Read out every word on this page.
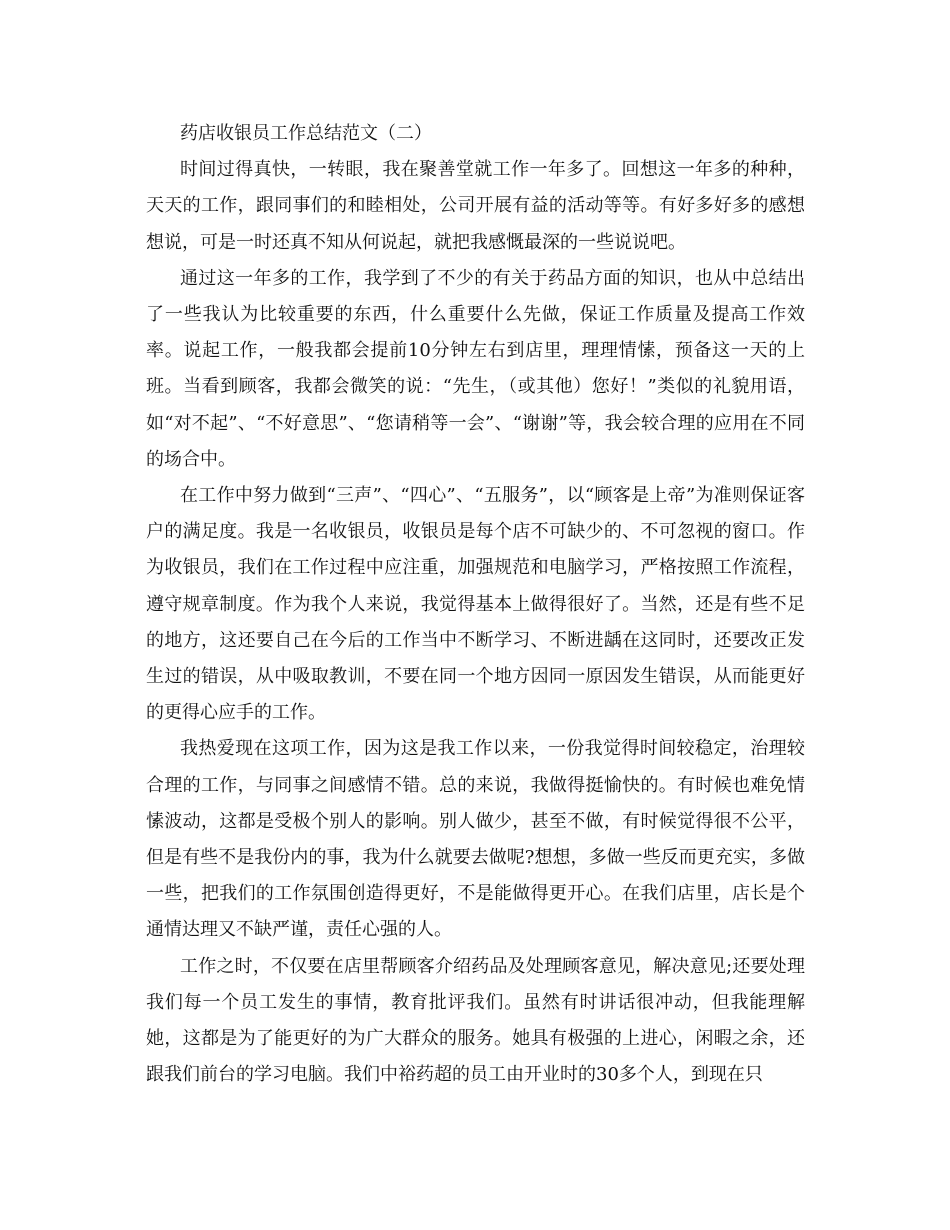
药店收银员工作总结范文（二）

时间过得真快，一转眼，我在聚善堂就工作一年多了。回想这一年多的种种，天天的工作，跟同事们的和睦相处，公司开展有益的活动等等。有好多好多的感想想说，可是一时还真不知从何说起，就把我感慨最深的一些说说吧。

通过这一年多的工作，我学到了不少的有关于药品方面的知识，也从中总结出了一些我认为比较重要的东西，什么重要什么先做，保证工作质量及提高工作效率。说起工作，一般我都会提前10分钟左右到店里，理理情愫，预备这一天的上班。当看到顾客，我都会微笑的说：“先生，（或其他）您好！”类似的礼貌用语，如“对不起”、“不好意思”、“您请稍等一会”、“谢谢”等，我会较合理的应用在不同的场合中。

在工作中努力做到“三声”、“四心”、“五服务”，以“顾客是上帝”为准则保证客户的满足度。我是一名收银员，收银员是每个店不可缺少的、不可忽视的窗口。作为收银员，我们在工作过程中应注重，加强规范和电脑学习，严格按照工作流程，遵守规章制度。作为我个人来说，我觉得基本上做得很好了。当然，还是有些不足的地方，这还要自己在今后的工作当中不断学习、不断进龋在这同时，还要改正发生过的错误，从中吸取教训，不要在同一个地方因同一原因发生错误，从而能更好的更得心应手的工作。

我热爱现在这项工作，因为这是我工作以来，一份我觉得时间较稳定，治理较合理的工作，与同事之间感情不错。总的来说，我做得挺愉快的。有时候也难免情愫波动，这都是受极个别人的影响。别人做少，甚至不做，有时候觉得很不公平，但是有些不是我份内的事，我为什么就要去做呢?想想，多做一些反而更充实，多做一些，把我们的工作氛围创造得更好，不是能做得更开心。在我们店里，店长是个通情达理又不缺严谨，责任心强的人。

工作之时，不仅要在店里帮顾客介绍药品及处理顾客意见，解决意见;还要处理我们每一个员工发生的事情，教育批评我们。虽然有时讲话很冲动，但我能理解她，这都是为了能更好的为广大群众的服务。她具有极强的上进心，闲暇之余，还跟我们前台的学习电脑。我们中裕药超的员工由开业时的30多个人，到现在只
